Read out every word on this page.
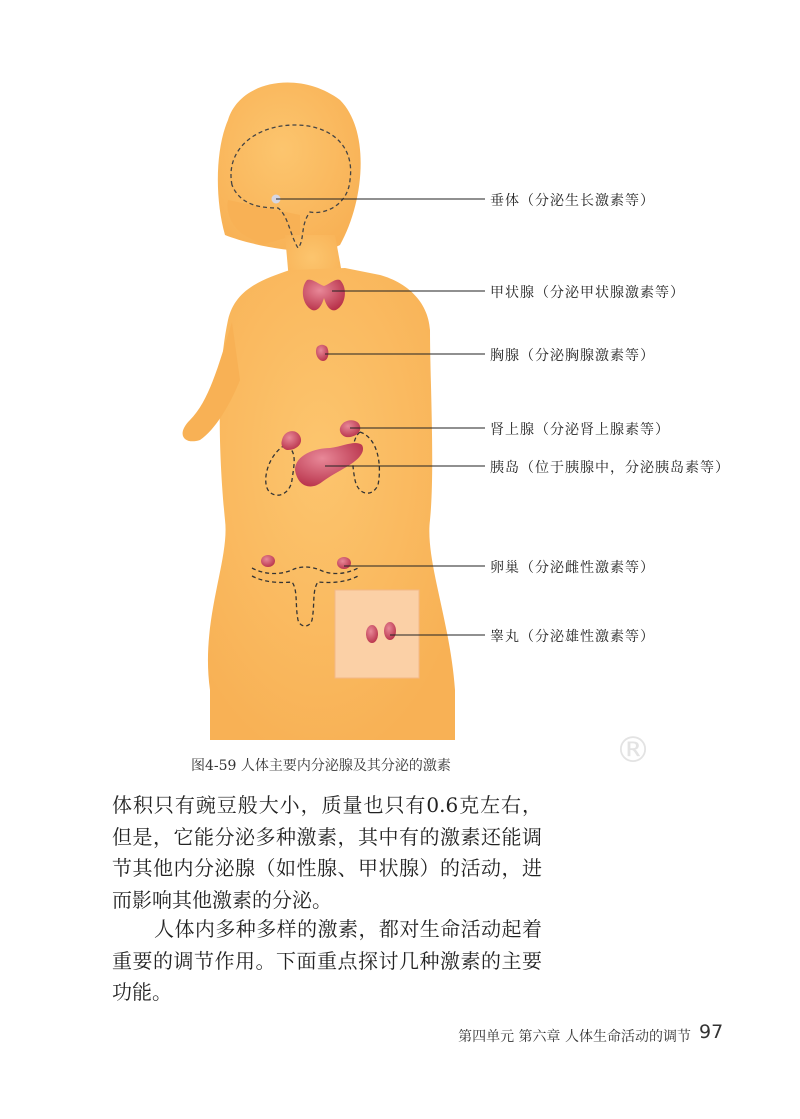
垂体（分泌生长激素等）
甲状腺（分泌甲状腺激素等）
胸腺（分泌胸腺激素等）
肾上腺（分泌肾上腺素等）
胰岛（位于胰腺中，分泌胰岛素等）
卵巢（分泌雌性激素等）
睾丸（分泌雄性激素等）
图4-59 人体主要内分泌腺及其分泌的激素	®

体积只有豌豆般大小，质量也只有0.6克左右，但是，它能分泌多种激素，其中有的激素还能调节其他内分泌腺（如性腺、甲状腺）的活动，进而影响其他激素的分泌。

人体内多种多样的激素，都对生命活动起着重要的调节作用。下面重点探讨几种激素的主要功能。

第四单元 第六章 人体生命活动的调节 97
